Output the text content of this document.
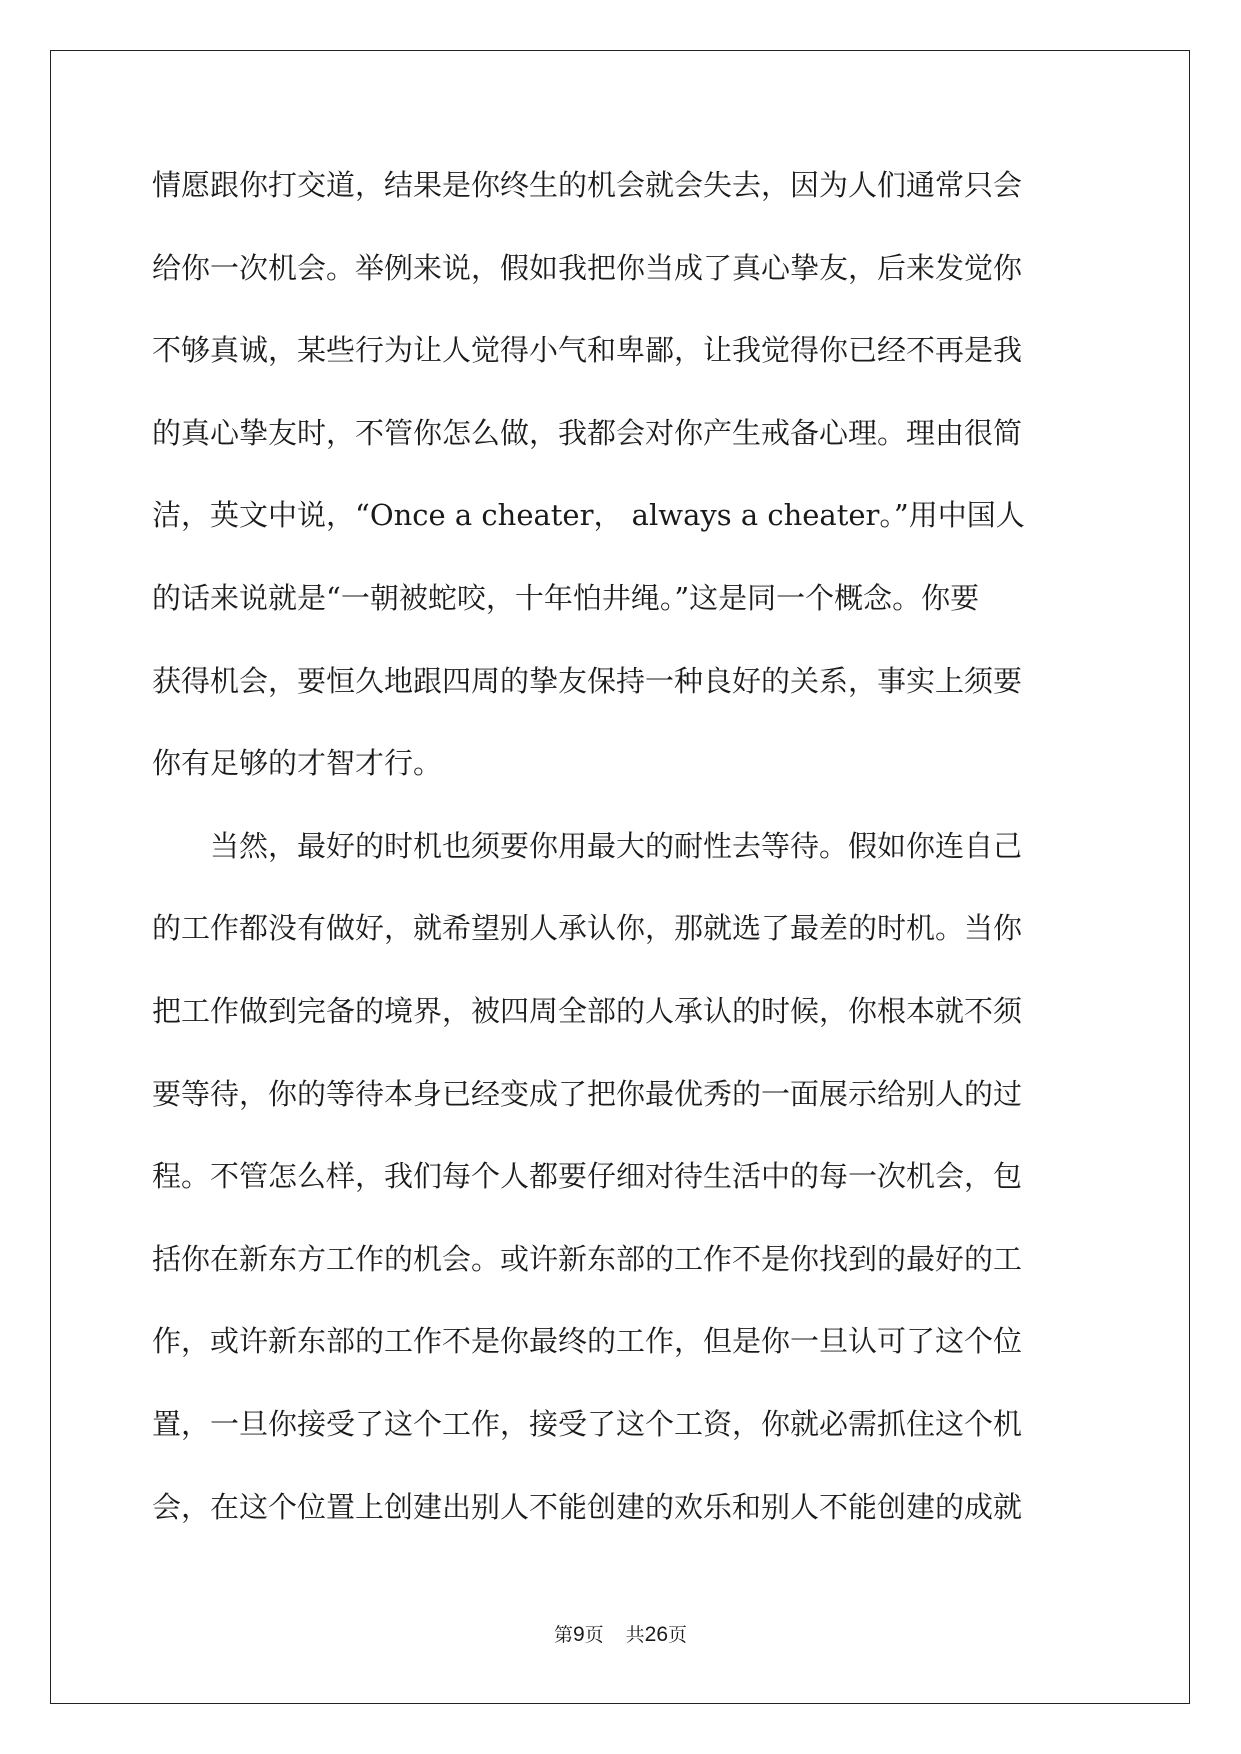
情愿跟你打交道，结果是你终生的机会就会失去，因为人们通常只会
给你一次机会。举例来说，假如我把你当成了真心挚友，后来发觉你
不够真诚，某些行为让人觉得小气和卑鄙，让我觉得你已经不再是我
的真心挚友时，不管你怎么做，我都会对你产生戒备心理。理由很简
洁，英文中说，“Once a cheater， always a cheater。”用中国人
的话来说就是“一朝被蛇咬，十年怕井绳。”这是同一个概念。你要
获得机会，要恒久地跟四周的挚友保持一种良好的关系，事实上须要
你有足够的才智才行。
当然，最好的时机也须要你用最大的耐性去等待。假如你连自己
的工作都没有做好，就希望别人承认你，那就选了最差的时机。当你
把工作做到完备的境界，被四周全部的人承认的时候，你根本就不须
要等待，你的等待本身已经变成了把你最优秀的一面展示给别人的过
程。不管怎么样，我们每个人都要仔细对待生活中的每一次机会，包
括你在新东方工作的机会。或许新东部的工作不是你找到的最好的工
作，或许新东部的工作不是你最终的工作，但是你一旦认可了这个位
置，一旦你接受了这个工作，接受了这个工资，你就必需抓住这个机
会，在这个位置上创建出别人不能创建的欢乐和别人不能创建的成就
第9页 共26页
